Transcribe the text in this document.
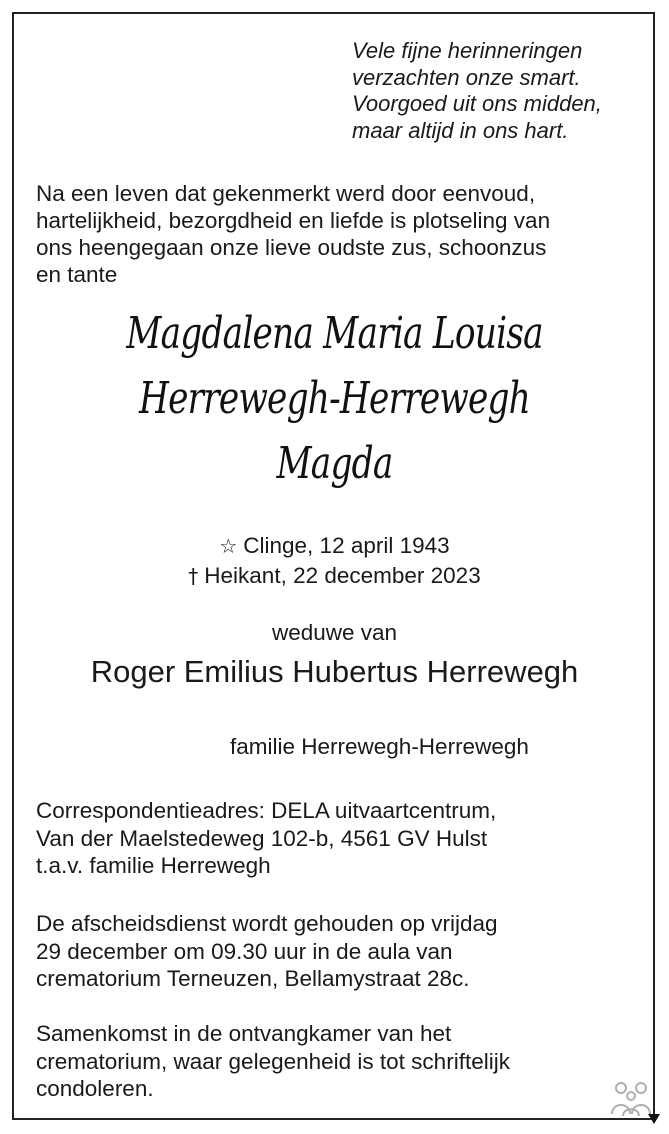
Vele fijne herinneringen
verzachten onze smart.
Voorgoed uit ons midden,
maar altijd in ons hart.
Na een leven dat gekenmerkt werd door eenvoud,
hartelijkheid, bezorgdheid en liefde is plotseling van
ons heengegaan onze lieve oudste zus, schoonzus
en tante
Magdalena Maria Louisa
Herrewegh-Herrewegh
Magda
☆ Clinge, 12 april 1943
† Heikant, 22 december 2023
weduwe van
Roger Emilius Hubertus Herrewegh
familie Herrewegh-Herrewegh
Correspondentieadres: DELA uitvaartcentrum,
Van der Maelstedeweg 102-b, 4561 GV Hulst
t.a.v. familie Herrewegh
De afscheidsdienst wordt gehouden op vrijdag
29 december om 09.30 uur in de aula van
crematorium Terneuzen, Bellamystraat 28c.
Samenkomst in de ontvangkamer van het
crematorium, waar gelegenheid is tot schriftelijk
condoleren.
